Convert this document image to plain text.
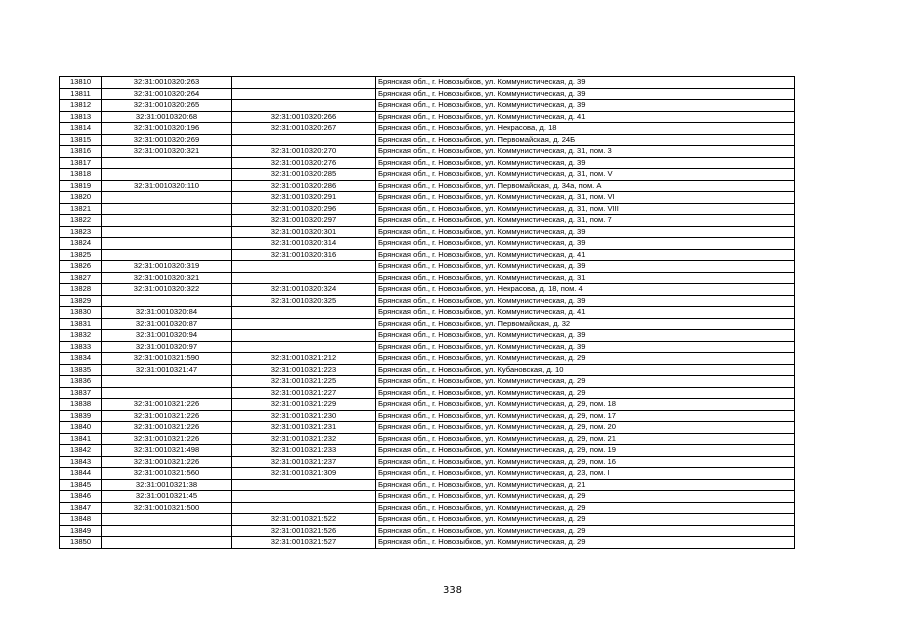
13810	32:31:0010320:263		Брянская обл., г. Новозыбков, ул. Коммунистическая, д. 39
13811	32:31:0010320:264		Брянская обл., г. Новозыбков, ул. Коммунистическая, д. 39
13812	32:31:0010320:265		Брянская обл., г. Новозыбков, ул. Коммунистическая, д. 39
13813	32:31:0010320:68	32:31:0010320:266	Брянская обл., г. Новозыбков, ул. Коммунистическая, д. 41
13814	32:31:0010320:196	32:31:0010320:267	Брянская обл., г. Новозыбков, ул. Некрасова, д. 18
13815	32:31:0010320:269		Брянская обл., г. Новозыбков, ул. Первомайская, д. 24Б
13816	32:31:0010320:321	32:31:0010320:270	Брянская обл., г. Новозыбков, ул. Коммунистическая, д. 31, пом. 3
13817		32:31:0010320:276	Брянская обл., г. Новозыбков, ул. Коммунистическая, д. 39
13818		32:31:0010320:285	Брянская обл., г. Новозыбков, ул. Коммунистическая, д. 31, пом. V
13819	32:31:0010320:110	32:31:0010320:286	Брянская обл., г. Новозыбков, ул. Первомайская, д. 34а, пом. А
13820		32:31:0010320:291	Брянская обл., г. Новозыбков, ул. Коммунистическая, д. 31, пом. VI
13821		32:31:0010320:296	Брянская обл., г. Новозыбков, ул. Коммунистическая, д. 31, пом. VIII
13822		32:31:0010320:297	Брянская обл., г. Новозыбков, ул. Коммунистическая, д. 31, пом. 7
13823		32:31:0010320:301	Брянская обл., г. Новозыбков, ул. Коммунистическая, д. 39
13824		32:31:0010320:314	Брянская обл., г. Новозыбков, ул. Коммунистическая, д. 39
13825		32:31:0010320:316	Брянская обл., г. Новозыбков, ул. Коммунистическая, д. 41
13826	32:31:0010320:319		Брянская обл., г. Новозыбков, ул. Коммунистическая, д. 39
13827	32:31:0010320:321		Брянская обл., г. Новозыбков, ул. Коммунистическая, д. 31
13828	32:31:0010320:322	32:31:0010320:324	Брянская обл., г. Новозыбков, ул. Некрасова, д. 18, пом. 4
13829		32:31:0010320:325	Брянская обл., г. Новозыбков, ул. Коммунистическая, д. 39
13830	32:31:0010320:84		Брянская обл., г. Новозыбков, ул. Коммунистическая, д. 41
13831	32:31:0010320:87		Брянская обл., г. Новозыбков, ул. Первомайская, д. 32
13832	32:31:0010320:94		Брянская обл., г. Новозыбков, ул. Коммунистическая, д. 39
13833	32:31:0010320:97		Брянская обл., г. Новозыбков, ул. Коммунистическая, д. 39
13834	32:31:0010321:590	32:31:0010321:212	Брянская обл., г. Новозыбков, ул. Коммунистическая, д. 29
13835	32:31:0010321:47	32:31:0010321:223	Брянская обл., г. Новозыбков, ул. Кубановская, д. 10
13836		32:31:0010321:225	Брянская обл., г. Новозыбков, ул. Коммунистическая, д. 29
13837		32:31:0010321:227	Брянская обл., г. Новозыбков, ул. Коммунистическая, д. 29
13838	32:31:0010321:226	32:31:0010321:229	Брянская обл., г. Новозыбков, ул. Коммунистическая, д. 29, пом. 18
13839	32:31:0010321:226	32:31:0010321:230	Брянская обл., г. Новозыбков, ул. Коммунистическая, д. 29, пом. 17
13840	32:31:0010321:226	32:31:0010321:231	Брянская обл., г. Новозыбков, ул. Коммунистическая, д. 29, пом. 20
13841	32:31:0010321:226	32:31:0010321:232	Брянская обл., г. Новозыбков, ул. Коммунистическая, д. 29, пом. 21
13842	32:31:0010321:498	32:31:0010321:233	Брянская обл., г. Новозыбков, ул. Коммунистическая, д. 29, пом. 19
13843	32:31:0010321:226	32:31:0010321:237	Брянская обл., г. Новозыбков, ул. Коммунистическая, д. 29, пом. 16
13844	32:31:0010321:560	32:31:0010321:309	Брянская обл., г. Новозыбков, ул. Коммунистическая, д. 23, пом. I
13845	32:31:0010321:38		Брянская обл., г. Новозыбков, ул. Коммунистическая, д. 21
13846	32:31:0010321:45		Брянская обл., г. Новозыбков, ул. Коммунистическая, д. 29
13847	32:31:0010321:500		Брянская обл., г. Новозыбков, ул. Коммунистическая, д. 29
13848		32:31:0010321:522	Брянская обл., г. Новозыбков, ул. Коммунистическая, д. 29
13849		32:31:0010321:526	Брянская обл., г. Новозыбков, ул. Коммунистическая, д. 29
13850		32:31:0010321:527	Брянская обл., г. Новозыбков, ул. Коммунистическая, д. 29
338
